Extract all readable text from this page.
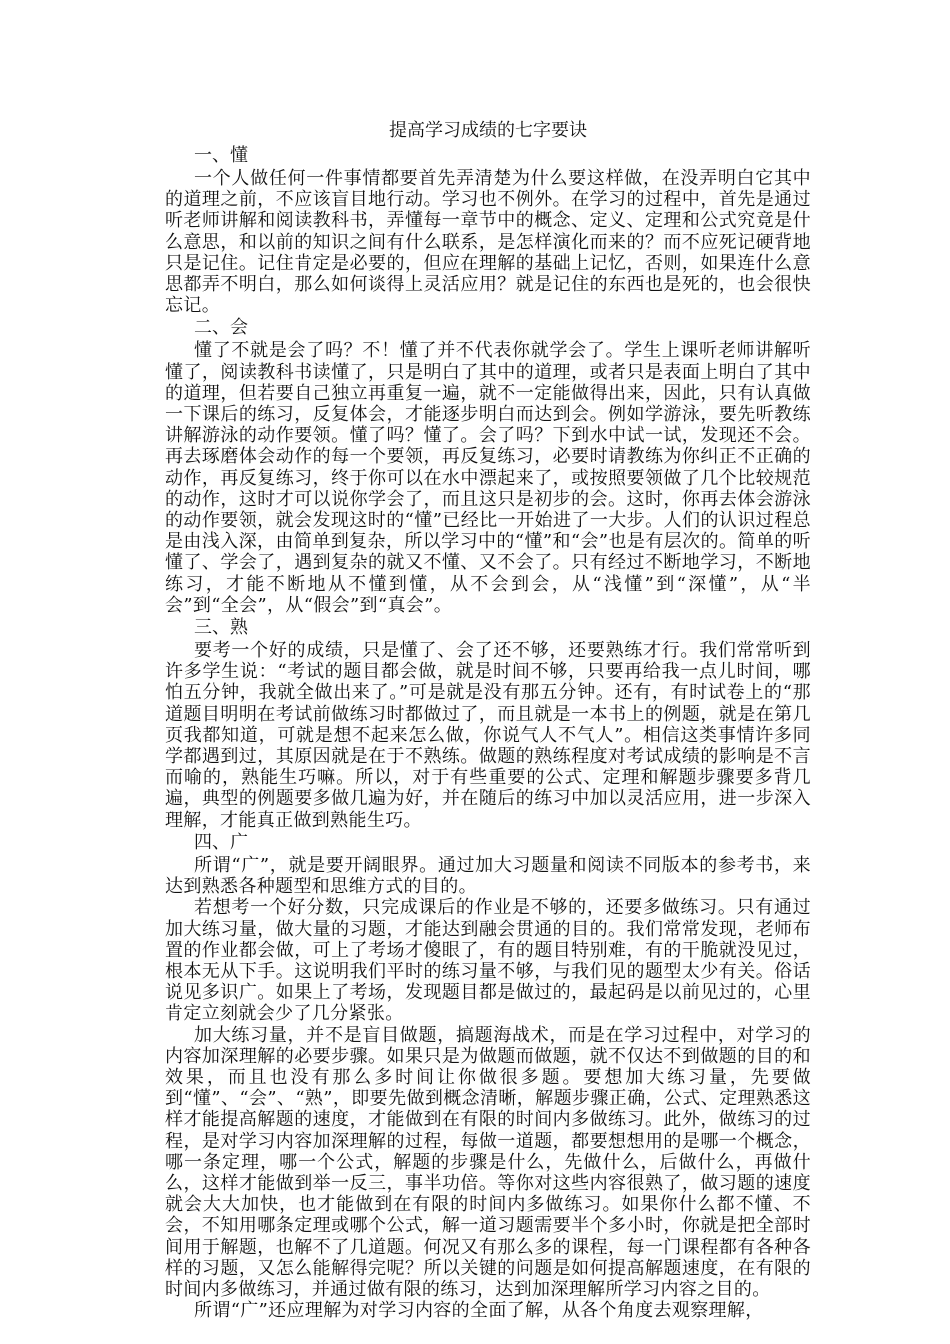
提高学习成绩的七字要诀
一、懂
一个人做任何一件事情都要首先弄清楚为什么要这样做，在没弄明白它其中的道理之前，不应该盲目地行动。学习也不例外。在学习的过程中，首先是通过听老师讲解和阅读教科书，弄懂每一章节中的概念、定义、定理和公式究竟是什么意思，和以前的知识之间有什么联系，是怎样演化而来的？而不应死记硬背地只是记住。记住肯定是必要的，但应在理解的基础上记忆，否则，如果连什么意思都弄不明白，那么如何谈得上灵活应用？就是记住的东西也是死的，也会很快忘记。
二、会
懂了不就是会了吗？不！懂了并不代表你就学会了。学生上课听老师讲解听懂了，阅读教科书读懂了，只是明白了其中的道理，或者只是表面上明白了其中的道理，但若要自己独立再重复一遍，就不一定能做得出来，因此，只有认真做一下课后的练习，反复体会，才能逐步明白而达到会。例如学游泳，要先听教练讲解游泳的动作要领。懂了吗？懂了。会了吗？下到水中试一试，发现还不会。再去琢磨体会动作的每一个要领，再反复练习，必要时请教练为你纠正不正确的动作，再反复练习，终于你可以在水中漂起来了，或按照要领做了几个比较规范的动作，这时才可以说你学会了，而且这只是初步的会。这时，你再去体会游泳的动作要领，就会发现这时的“懂”已经比一开始进了一大步。人们的认识过程总是由浅入深，由简单到复杂，所以学习中的“懂”和“会”也是有层次的。简单的听懂了、学会了，遇到复杂的就又不懂、又不会了。只有经过不断地学习，不断地练习，才能不断地从不懂到懂，从不会到会，从“浅懂”到“深懂”，从“半会”到“全会”，从“假会”到“真会”。
三、熟
要考一个好的成绩，只是懂了、会了还不够，还要熟练才行。我们常常听到许多学生说：“考试的题目都会做，就是时间不够，只要再给我一点儿时间，哪怕五分钟，我就全做出来了。”可是就是没有那五分钟。还有，有时试卷上的“那道题目明明在考试前做练习时都做过了，而且就是一本书上的例题，就是在第几页我都知道，可就是想不起来怎么做，你说气人不气人”。相信这类事情许多同学都遇到过，其原因就是在于不熟练。做题的熟练程度对考试成绩的影响是不言而喻的，熟能生巧嘛。所以，对于有些重要的公式、定理和解题步骤要多背几遍，典型的例题要多做几遍为好，并在随后的练习中加以灵活应用，进一步深入理解，才能真正做到熟能生巧。
四、广
所谓“广”，就是要开阔眼界。通过加大习题量和阅读不同版本的参考书，来达到熟悉各种题型和思维方式的目的。
若想考一个好分数，只完成课后的作业是不够的，还要多做练习。只有通过加大练习量，做大量的习题，才能达到融会贯通的目的。我们常常发现，老师布置的作业都会做，可上了考场才傻眼了，有的题目特别难，有的干脆就没见过，根本无从下手。这说明我们平时的练习量不够，与我们见的题型太少有关。俗话说见多识广。如果上了考场，发现题目都是做过的，最起码是以前见过的，心里肯定立刻就会少了几分紧张。
加大练习量，并不是盲目做题，搞题海战术，而是在学习过程中，对学习的内容加深理解的必要步骤。如果只是为做题而做题，就不仅达不到做题的目的和效果，而且也没有那么多时间让你做很多题。要想加大练习量，先要做到“懂”、“会”、“熟”，即要先做到概念清晰，解题步骤正确，公式、定理熟悉这样才能提高解题的速度，才能做到在有限的时间内多做练习。此外，做练习的过程，是对学习内容加深理解的过程，每做一道题，都要想想用的是哪一个概念，哪一条定理，哪一个公式，解题的步骤是什么，先做什么，后做什么，再做什么，这样才能做到举一反三，事半功倍。等你对这些内容很熟了，做习题的速度就会大大加快，也才能做到在有限的时间内多做练习。如果你什么都不懂、不会，不知用哪条定理或哪个公式，解一道习题需要半个多小时，你就是把全部时间用于解题，也解不了几道题。何况又有那么多的课程，每一门课程都有各种各样的习题，又怎么能解得完呢？所以关键的问题是如何提高解题速度，在有限的时间内多做练习，并通过做有限的练习，达到加深理解所学习内容之目的。
所谓“广”还应理解为对学习内容的全面了解，从各个角度去观察理解，
